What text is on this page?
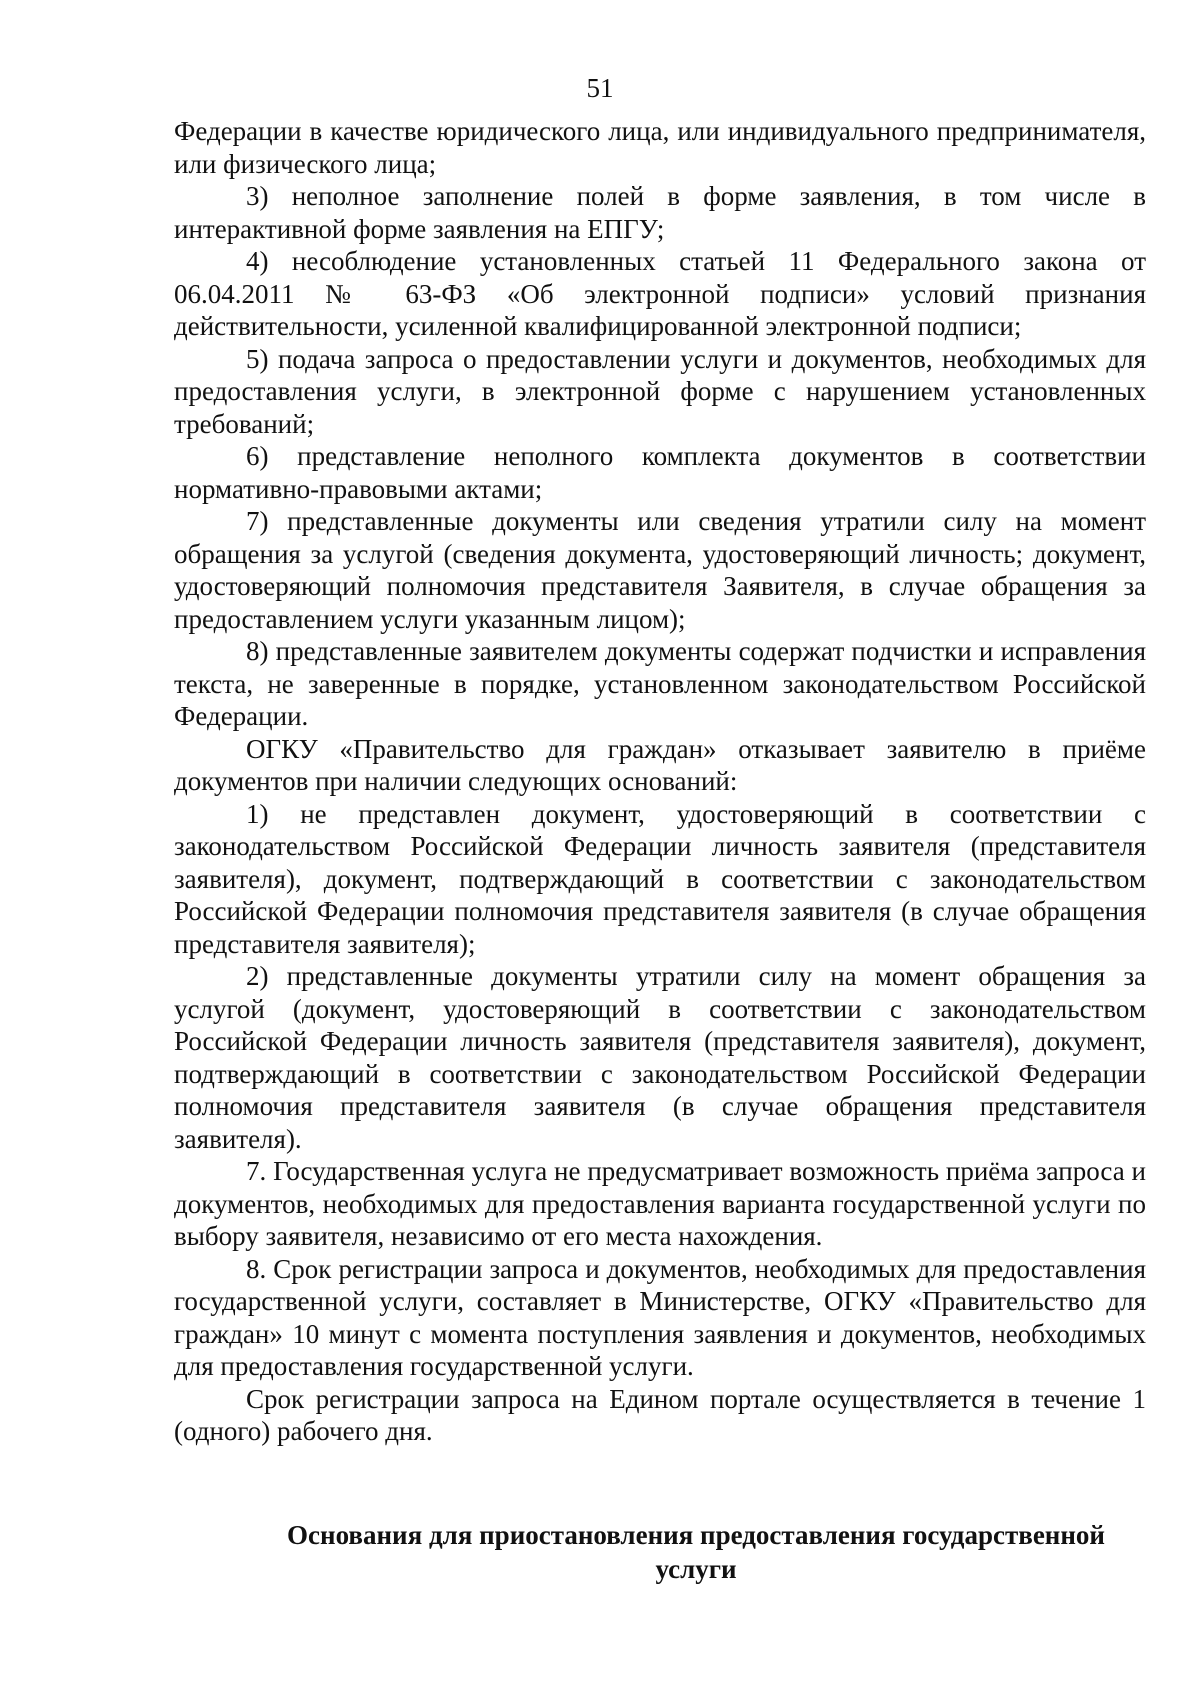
51

Федерации в качестве юридического лица, или индивидуального предпринимателя, или физического лица;

3) неполное заполнение полей в форме заявления, в том числе в интерактивной форме заявления на ЕПГУ;

4) несоблюдение установленных статьей 11 Федерального закона от 06.04.2011 № 63-ФЗ «Об электронной подписи» условий признания действительности, усиленной квалифицированной электронной подписи;

5) подача запроса о предоставлении услуги и документов, необходимых для предоставления услуги, в электронной форме с нарушением установленных требований;

6) представление неполного комплекта документов в соответствии нормативно-правовыми актами;

7) представленные документы или сведения утратили силу на момент обращения за услугой (сведения документа, удостоверяющий личность; документ, удостоверяющий полномочия представителя Заявителя, в случае обращения за предоставлением услуги указанным лицом);

8) представленные заявителем документы содержат подчистки и исправления текста, не заверенные в порядке, установленном законодательством Российской Федерации.

ОГКУ «Правительство для граждан» отказывает заявителю в приёме документов при наличии следующих оснований:

1) не представлен документ, удостоверяющий в соответствии с законодательством Российской Федерации личность заявителя (представителя заявителя), документ, подтверждающий в соответствии с законодательством Российской Федерации полномочия представителя заявителя (в случае обращения представителя заявителя);

2) представленные документы утратили силу на момент обращения за услугой (документ, удостоверяющий в соответствии с законодательством Российской Федерации личность заявителя (представителя заявителя), документ, подтверждающий в соответствии с законодательством Российской Федерации полномочия представителя заявителя (в случае обращения представителя заявителя).

7. Государственная услуга не предусматривает возможность приёма запроса и документов, необходимых для предоставления варианта государственной услуги по выбору заявителя, независимо от его места нахождения.

8. Срок регистрации запроса и документов, необходимых для предоставления государственной услуги, составляет в Министерстве, ОГКУ «Правительство для граждан» 10 минут с момента поступления заявления и документов, необходимых для предоставления государственной услуги.

Срок регистрации запроса на Едином портале осуществляется в течение 1 (одного) рабочего дня.

Основания для приостановления предоставления государственной услуги
